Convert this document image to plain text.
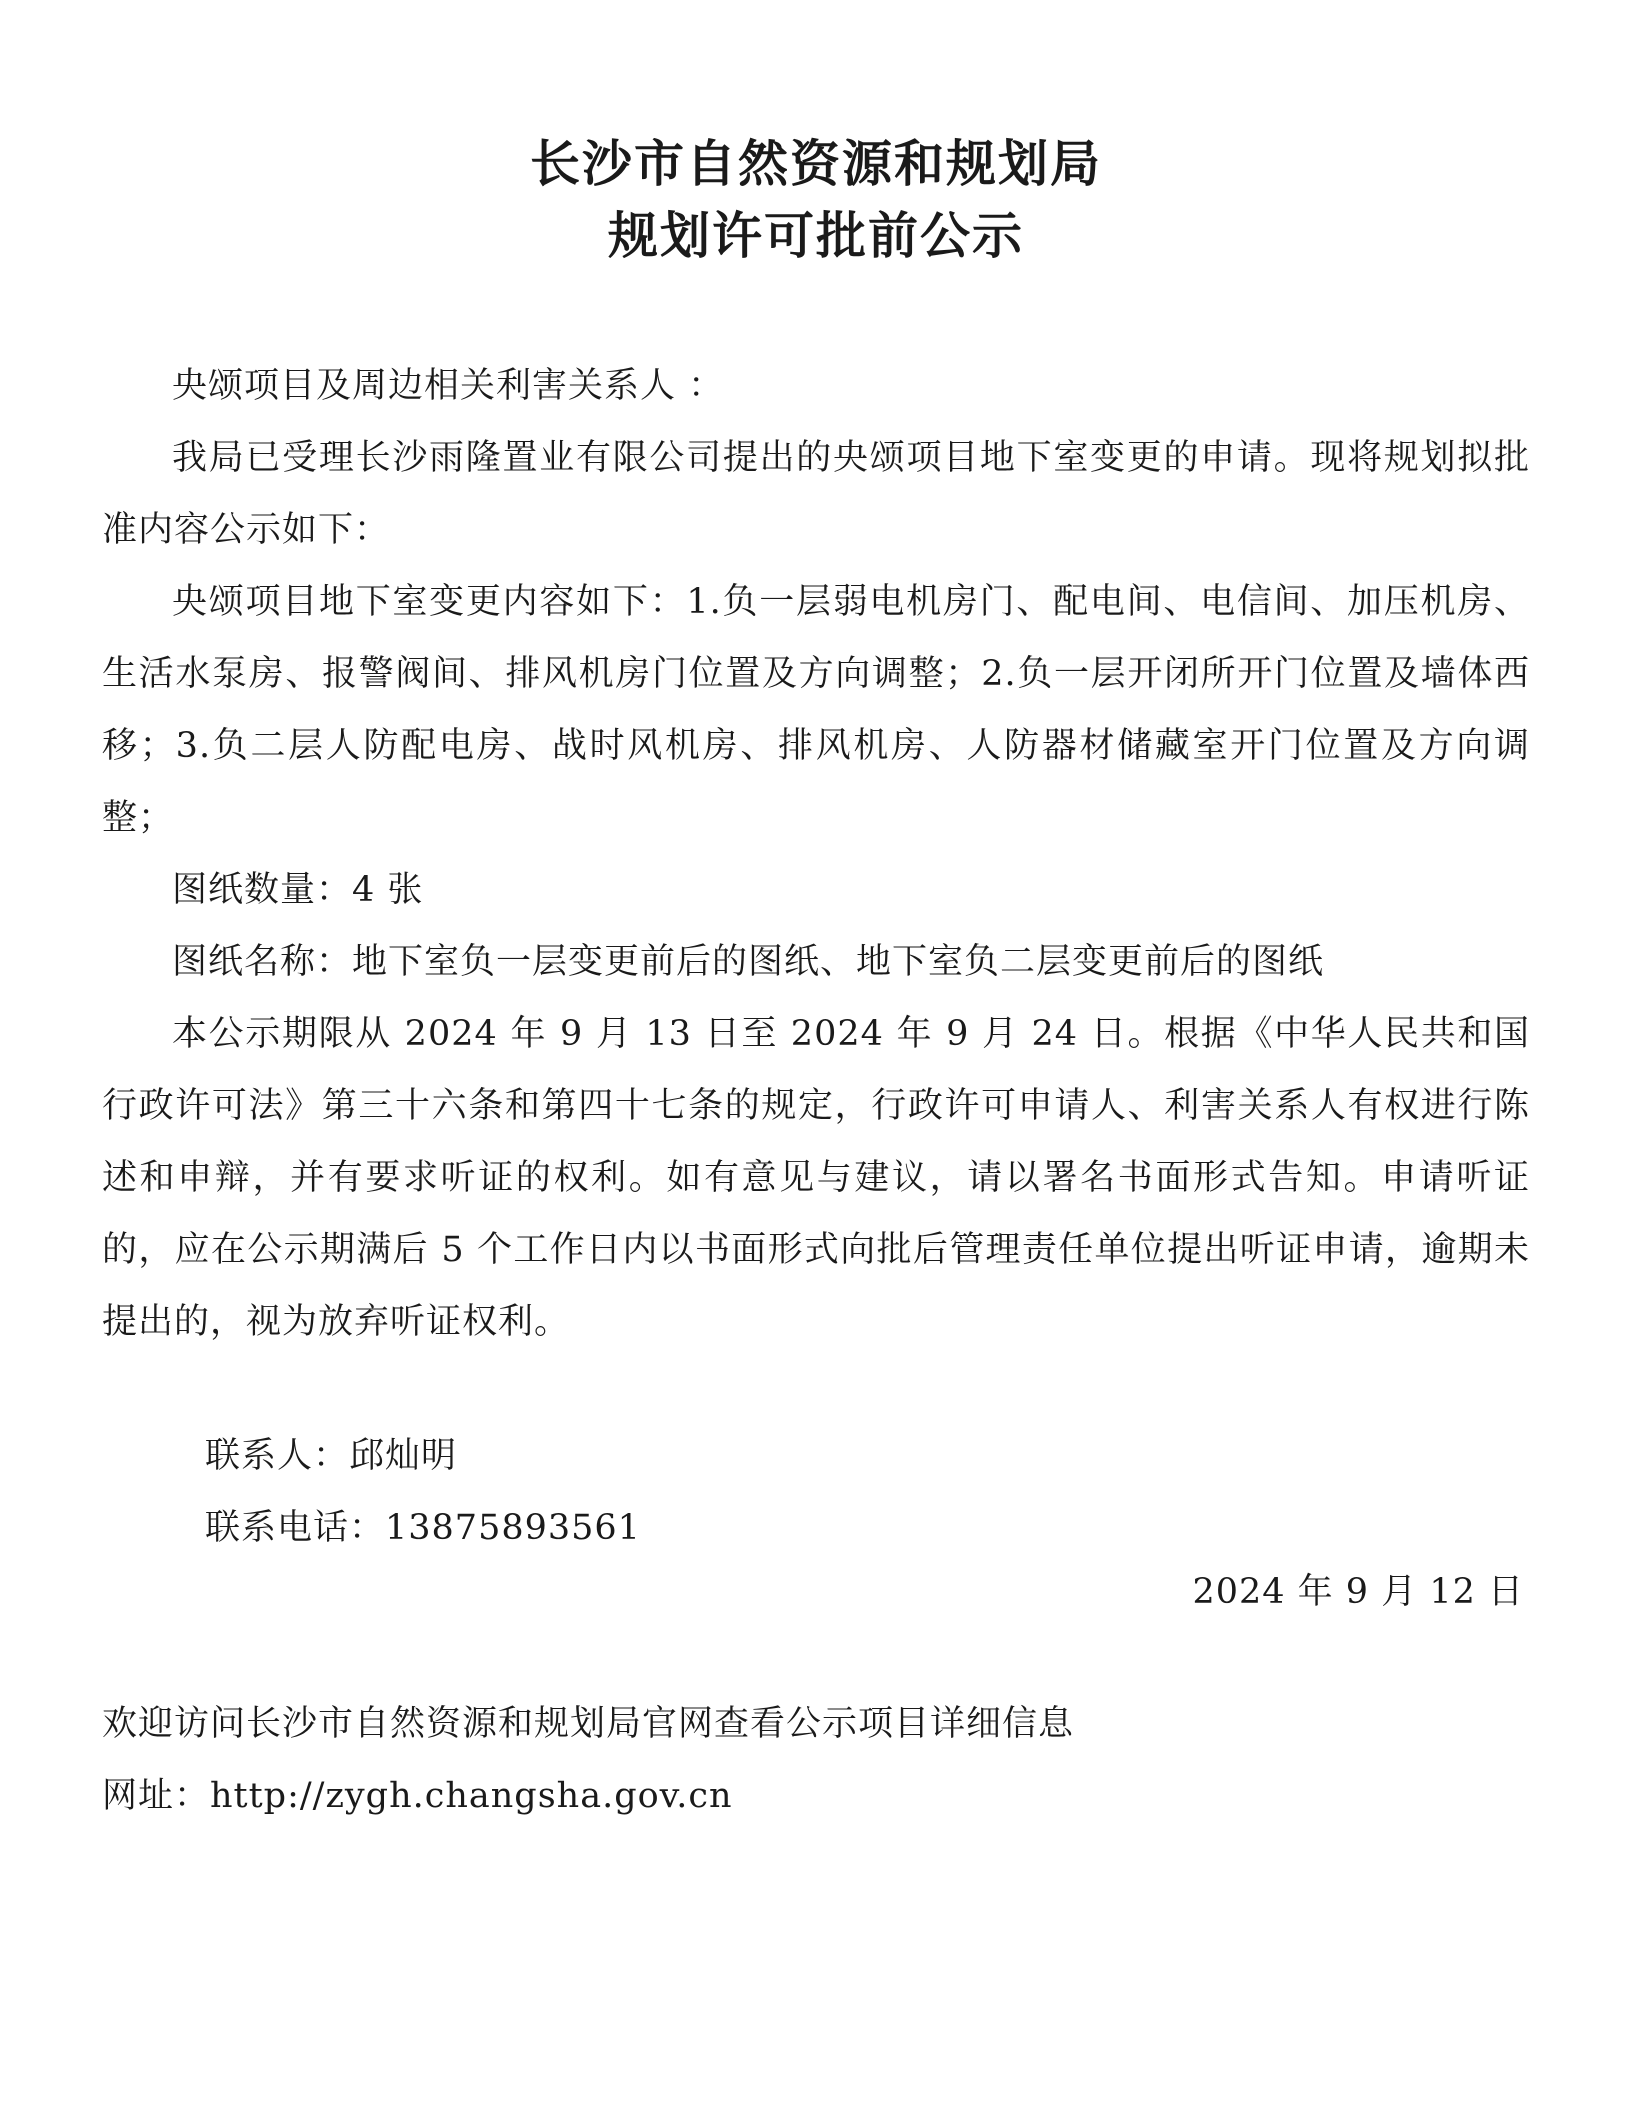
长沙市自然资源和规划局

规划许可批前公示

央颂项目及周边相关利害关系人 ：

我局已受理长沙雨隆置业有限公司提出的央颂项目地下室变更的申请。现将规划拟批准内容公示如下：

央颂项目地下室变更内容如下：1.负一层弱电机房门、配电间、电信间、加压机房、生活水泵房、报警阀间、排风机房门位置及方向调整；2.负一层开闭所开门位置及墙体西移；3.负二层人防配电房、战时风机房、排风机房、人防器材储藏室开门位置及方向调整；

图纸数量：4 张

图纸名称：地下室负一层变更前后的图纸、地下室负二层变更前后的图纸

本公示期限从 2024 年 9 月 13 日至 2024 年 9 月 24 日。根据《中华人民共和国行政许可法》第三十六条和第四十七条的规定，行政许可申请人、利害关系人有权进行陈述和申辩，并有要求听证的权利。如有意见与建议，请以署名书面形式告知。申请听证的，应在公示期满后 5 个工作日内以书面形式向批后管理责任单位提出听证申请，逾期未提出的，视为放弃听证权利。

联系人：邱灿明

联系电话：13875893561

2024 年 9 月 12 日

欢迎访问长沙市自然资源和规划局官网查看公示项目详细信息

网址：http://zygh.changsha.gov.cn
